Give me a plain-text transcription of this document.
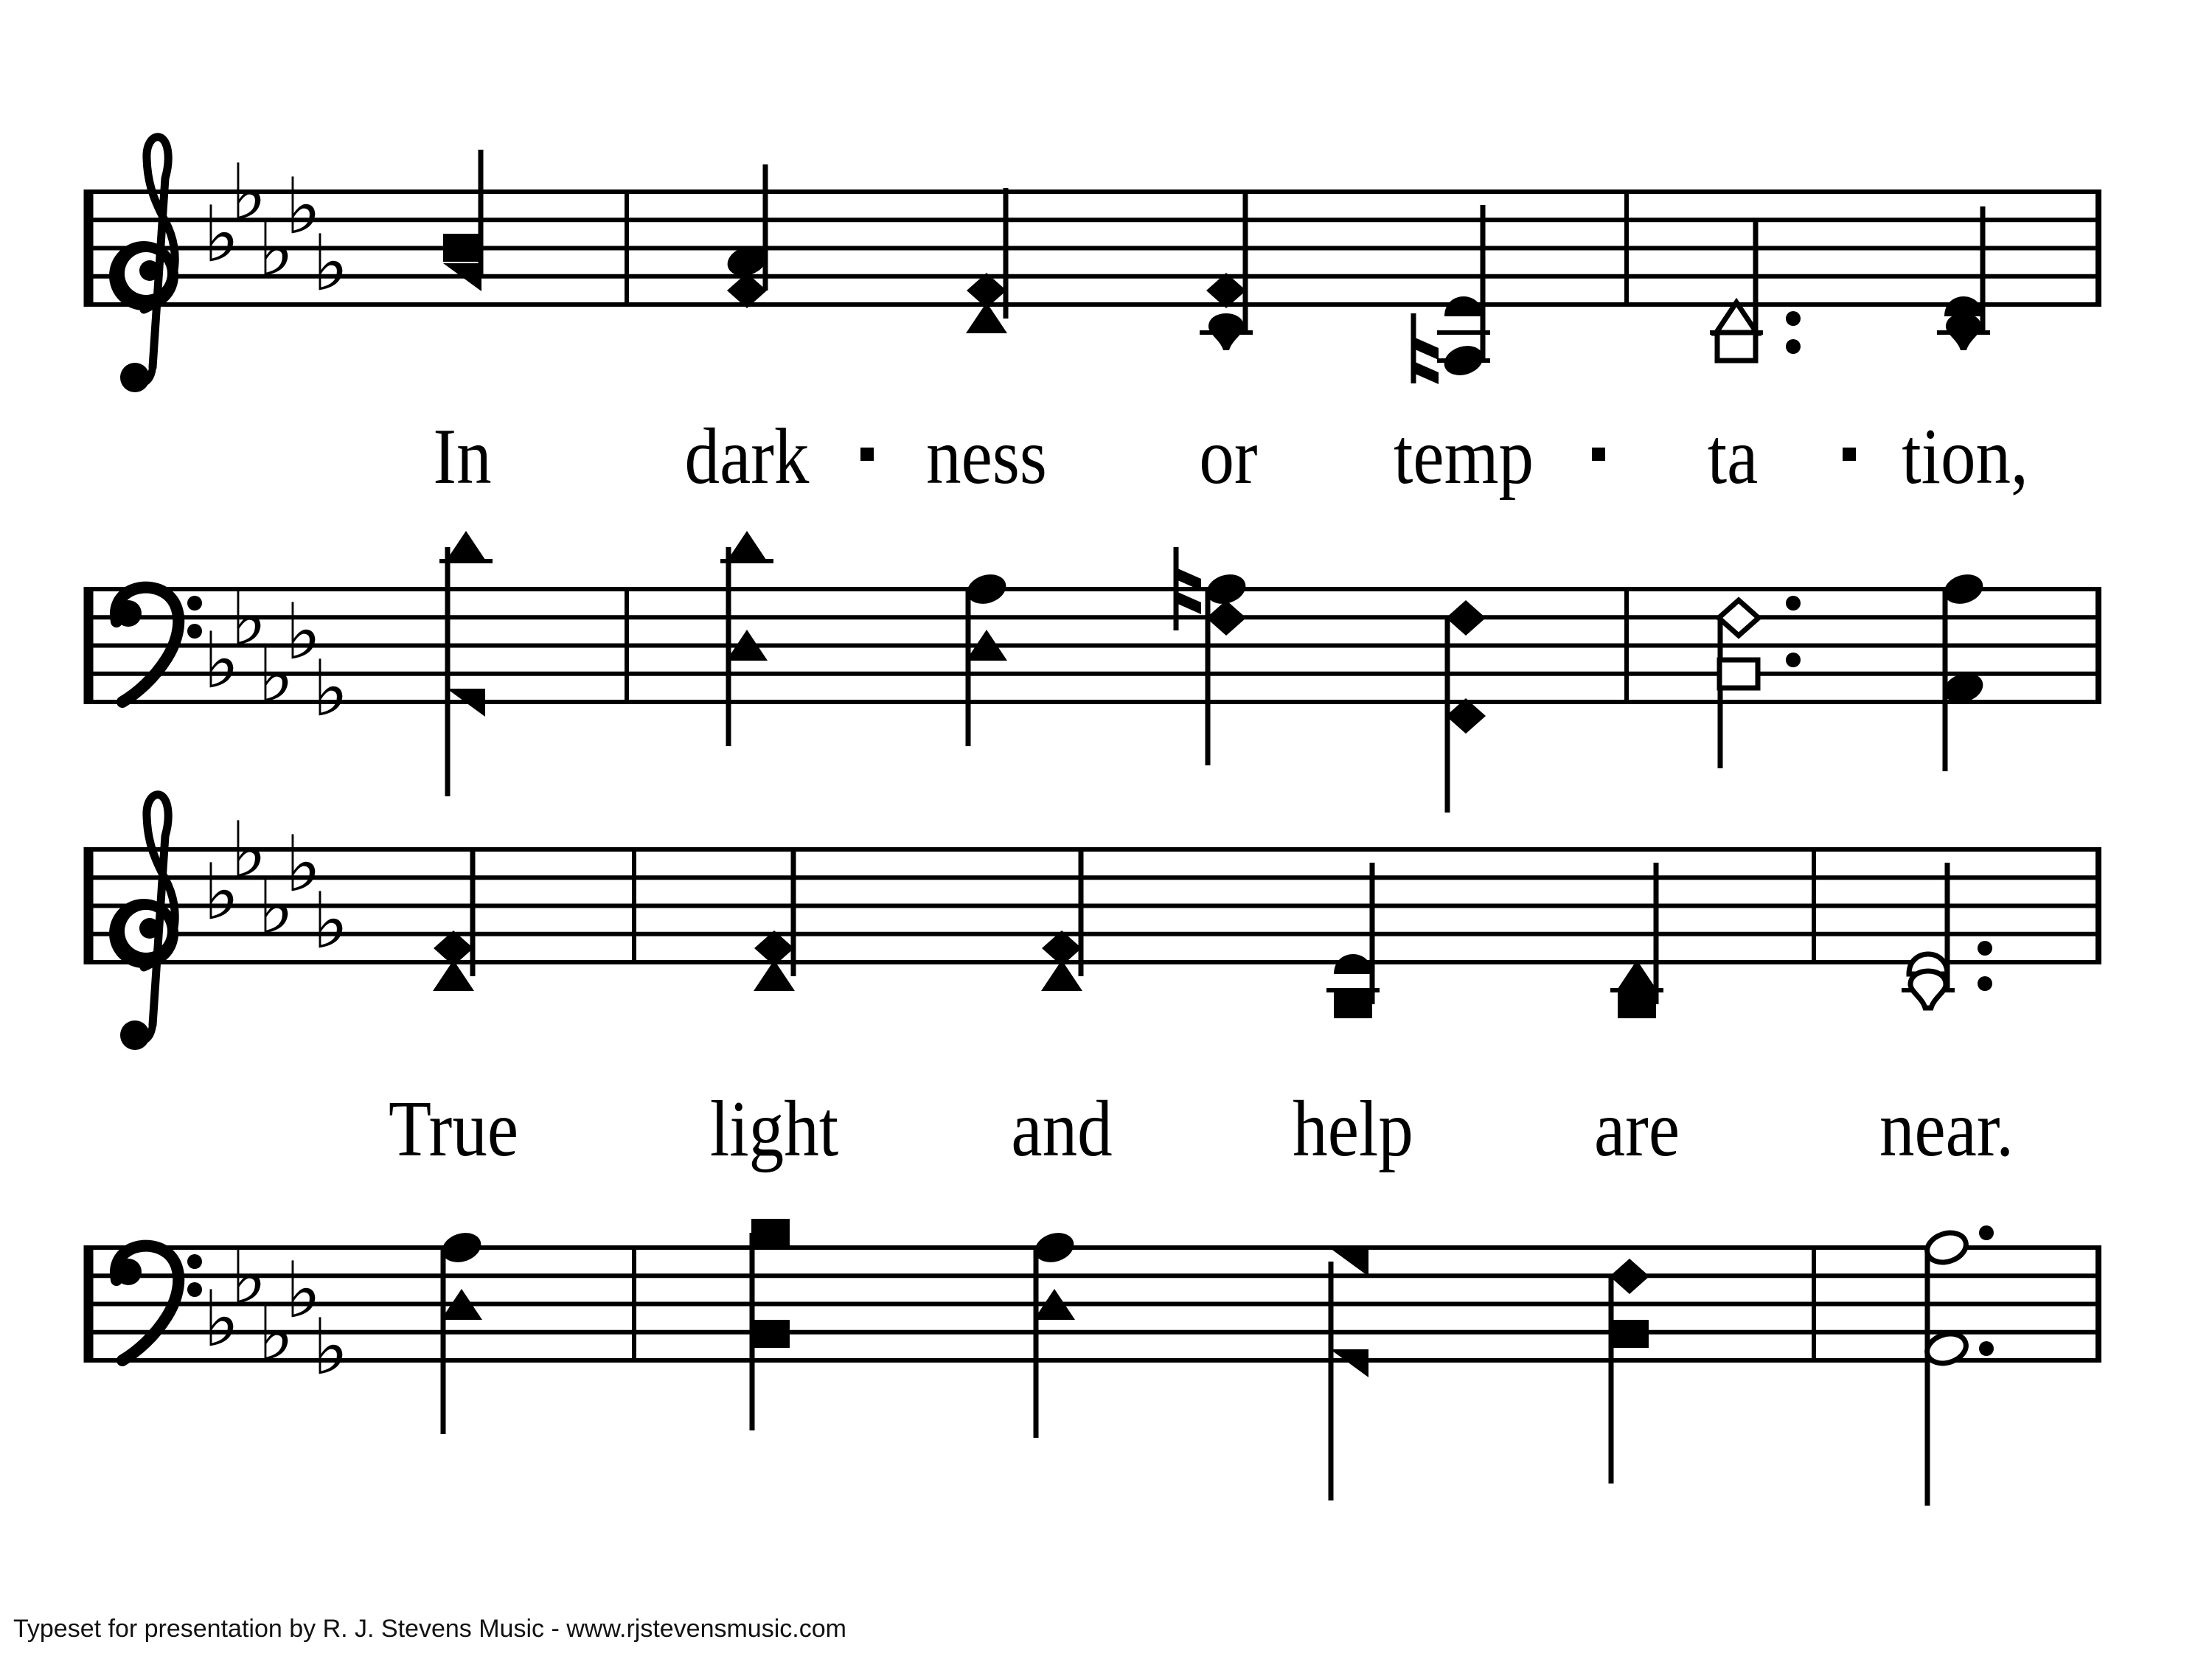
♭
♭
♭
♭
♭
♭
♭
♭
♭
♭
♭
♭
♭
♭
♭
♭
♭
♭
♭
♭
Typeset for presentation by R. J. Stevens Music - www.rjstevensmusic.com
In dark ness or temp ta tion,
True light and help are	near.
